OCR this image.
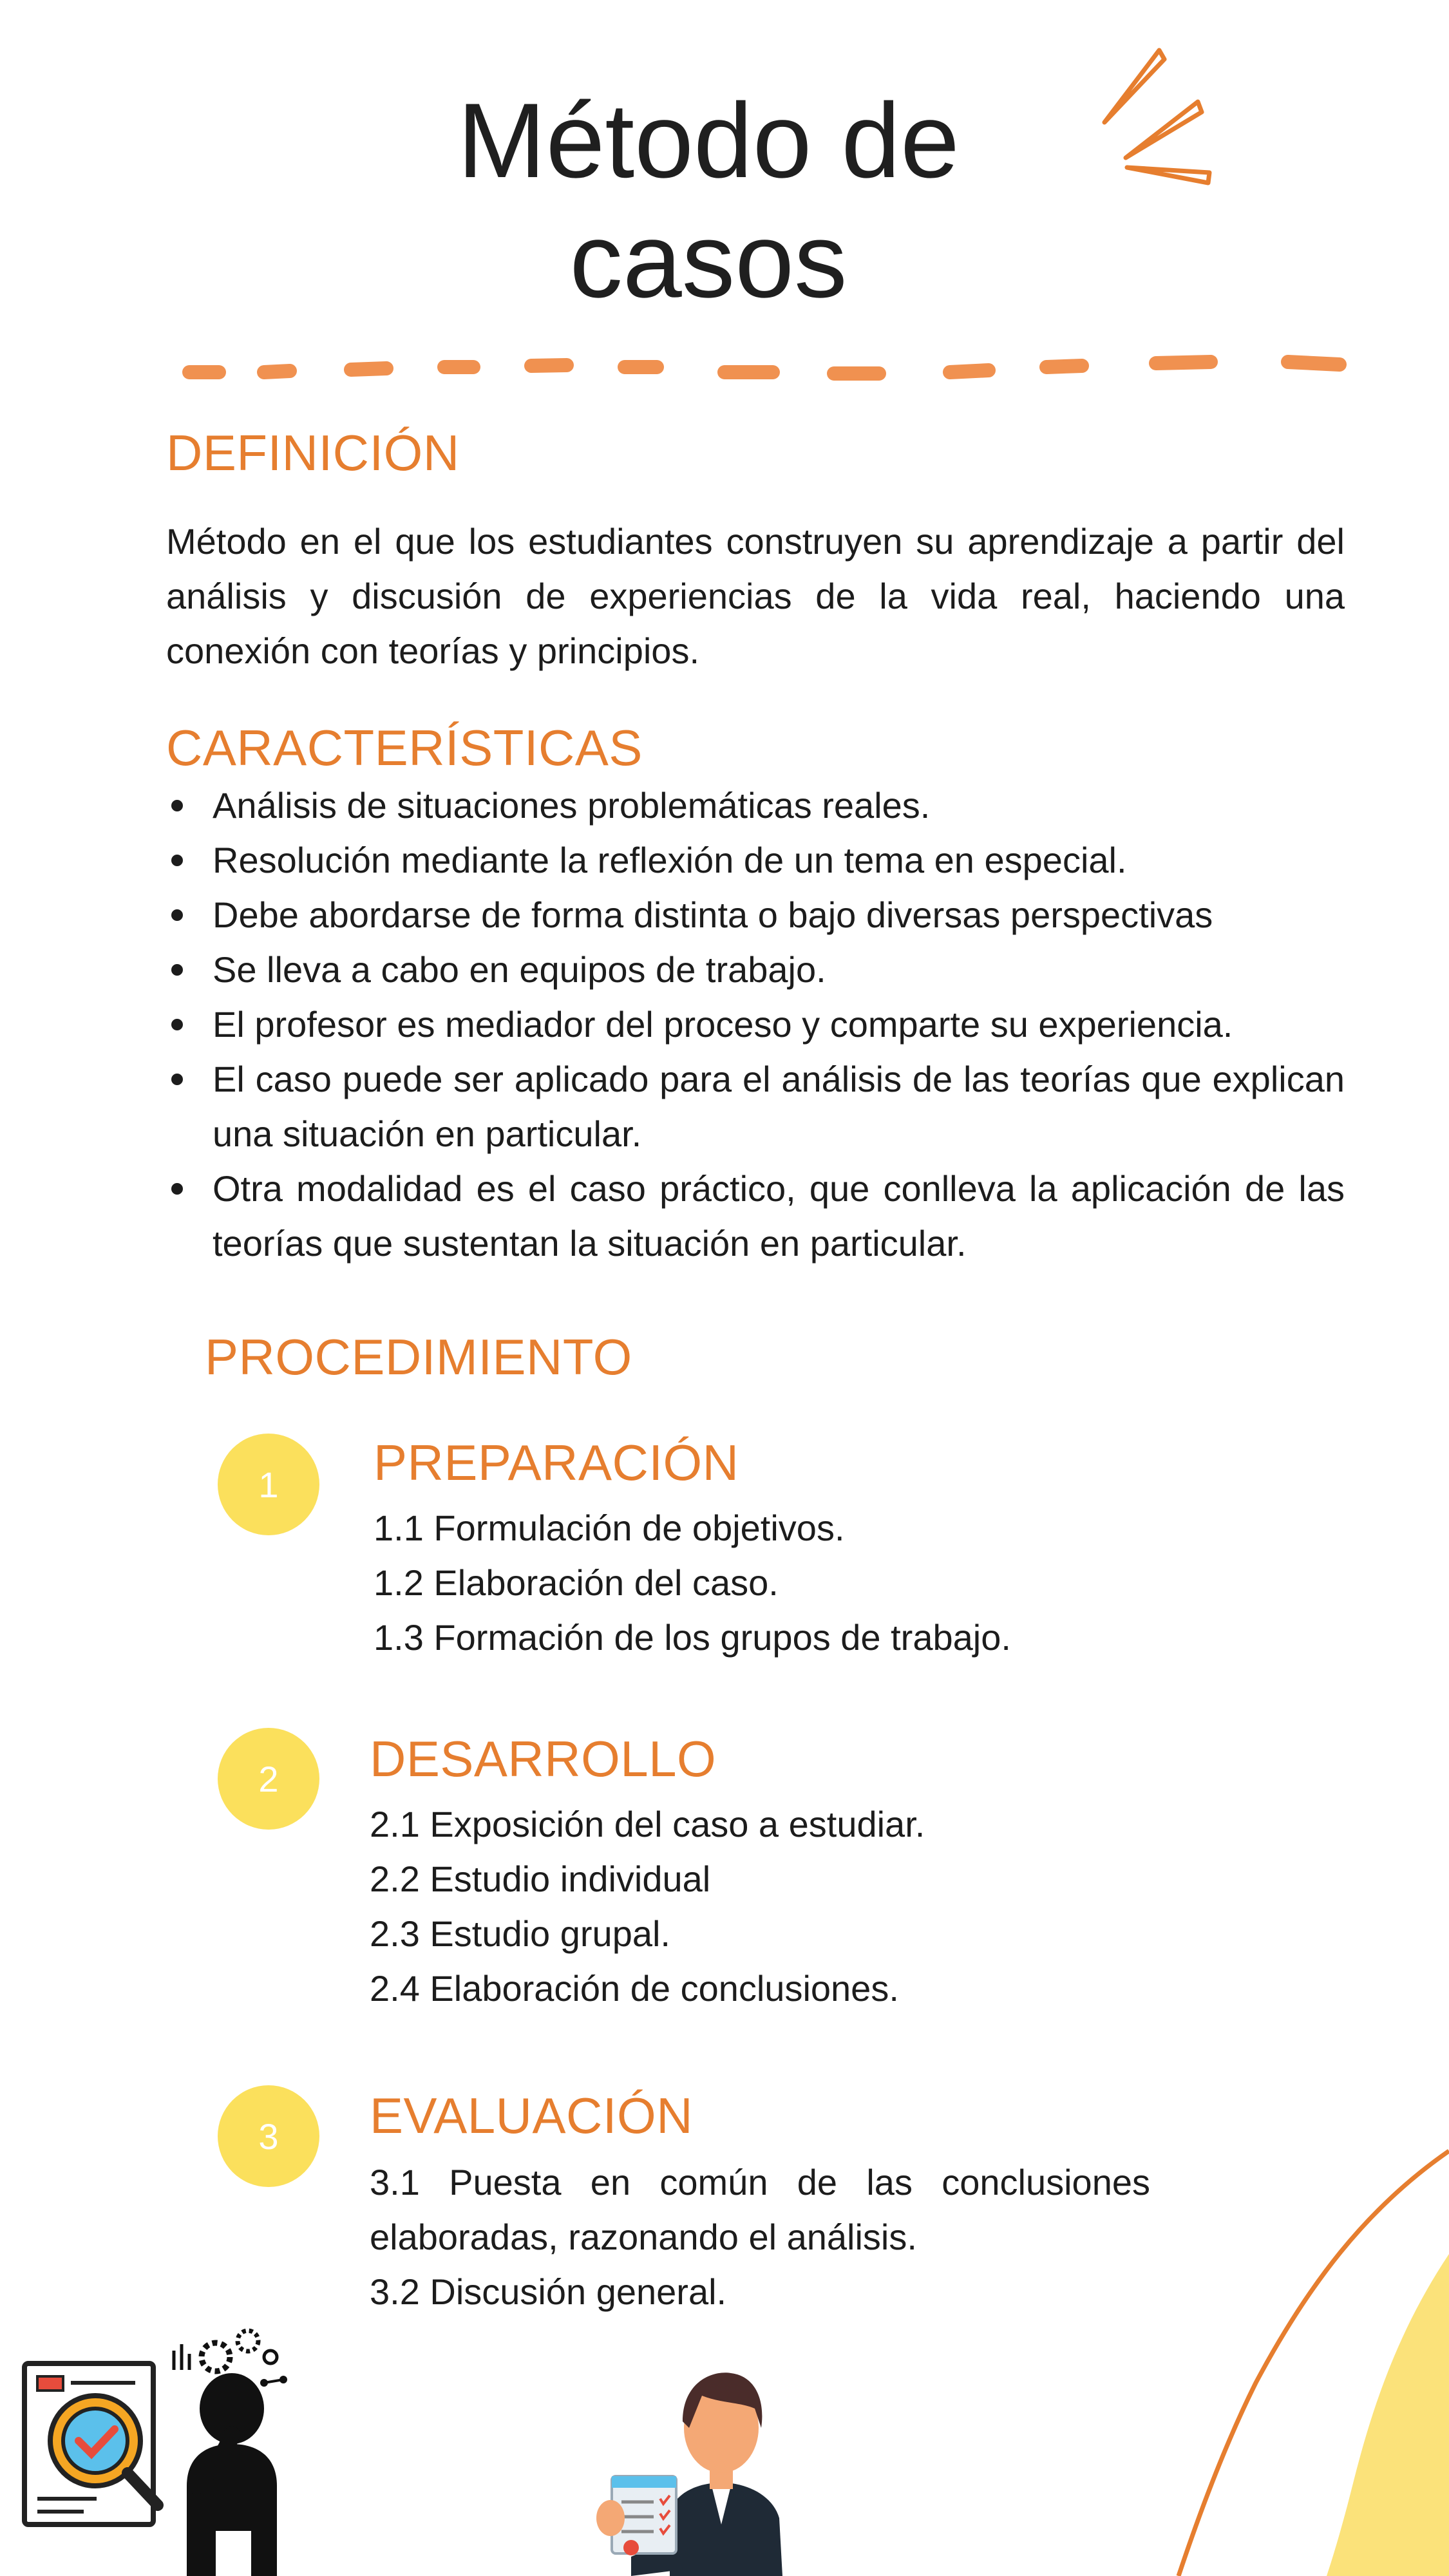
Método de
casos
DEFINICIÓN

Método en el que los estudiantes construyen su aprendizaje a partir del análisis y discusión de experiencias de la vida real, haciendo una conexión con teorías y principios.

CARACTERÍSTICAS
Análisis de situaciones problemáticas reales.
Resolución mediante la reflexión de un tema en especial.
Debe abordarse de forma distinta o bajo diversas perspectivas
Se lleva a cabo en equipos de trabajo.
El profesor es mediador del proceso y comparte su experiencia.
El caso puede ser aplicado para el análisis de las teorías que explican una situación en particular.
Otra modalidad es el caso práctico, que conlleva la aplicación de las teorías que sustentan la situación en particular.
PROCEDIMIENTO
1 PREPARACIÓN
1.1 Formulación de objetivos.
1.2 Elaboración del caso.
1.3 Formación de los grupos de trabajo.
2 DESARROLLO
2.1 Exposición del caso a estudiar.
2.2 Estudio individual
2.3 Estudio grupal.
2.4 Elaboración de conclusiones.
3 EVALUACIÓN
3.1 Puesta en común de las conclusiones elaboradas, razonando el análisis.
3.2 Discusión general.
